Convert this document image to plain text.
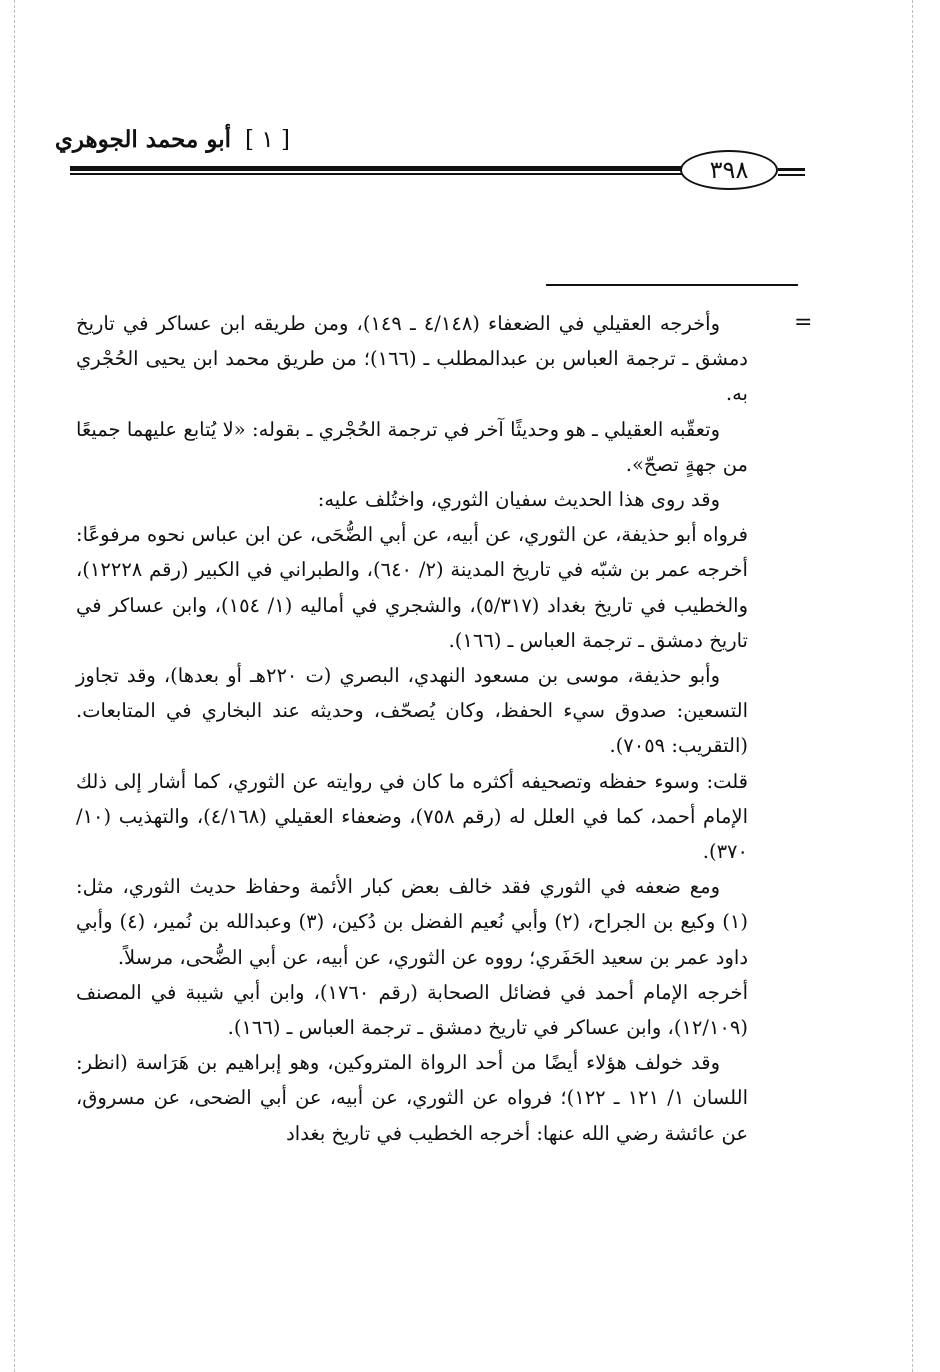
[ ١ ] أبو محمد الجوهري
٣٩٨
=

وأخرجه العقيلي في الضعفاء (٤/١٤٨ ـ ١٤٩)، ومن طريقه ابن عساكر في تاريخ دمشق ـ ترجمة العباس بن عبدالمطلب ـ (١٦٦)؛ من طريق محمد ابن يحيى الحُجْري به.

وتعقّبه العقيلي ـ هو وحديثًا آخر في ترجمة الحُجْري ـ بقوله: «لا يُتابع عليهما جميعًا من جهةٍ تصحّ».

وقد روى هذا الحديث سفيان الثوري، واختُلف عليه:

فرواه أبو حذيفة، عن الثوري، عن أبيه، عن أبي الضُّحَى، عن ابن عباس نحوه مرفوعًا: أخرجه عمر بن شبّه في تاريخ المدينة (٢/ ٦٤٠)، والطبراني في الكبير (رقم ١٢٢٢٨)، والخطيب في تاريخ بغداد (٥/٣١٧)، والشجري في أماليه (١/ ١٥٤)، وابن عساكر في تاريخ دمشق ـ ترجمة العباس ـ (١٦٦).

وأبو حذيفة، موسى بن مسعود النهدي، البصري (ت ٢٢٠هـ أو بعدها)، وقد تجاوز التسعين: صدوق سيء الحفظ، وكان يُصحّف، وحديثه عند البخاري في المتابعات. (التقريب: ٧٠٥٩).

قلت: وسوء حفظه وتصحيفه أكثره ما كان في روايته عن الثوري، كما أشار إلى ذلك الإمام أحمد، كما في العلل له (رقم ٧٥٨)، وضعفاء العقيلي (٤/١٦٨)، والتهذيب (١٠/ ٣٧٠).

ومع ضعفه في الثوري فقد خالف بعض كبار الأئمة وحفاظ حديث الثوري، مثل: (١) وكيع بن الجراح، (٢) وأبي نُعيم الفضل بن دُكين، (٣) وعبدالله بن نُمير، (٤) وأبي داود عمر بن سعيد الحَفَري؛ رووه عن الثوري، عن أبيه، عن أبي الضُّحى، مرسلاً.

أخرجه الإمام أحمد في فضائل الصحابة (رقم ١٧٦٠)، وابن أبي شيبة في المصنف (١٢/١٠٩)، وابن عساكر في تاريخ دمشق ـ ترجمة العباس ـ (١٦٦).

وقد خولف هؤلاء أيضًا من أحد الرواة المتروكين، وهو إبراهيم بن هَرَاسة (انظر: اللسان ١/ ١٢١ ـ ١٢٢)؛ فرواه عن الثوري، عن أبيه، عن أبي الضحى، عن مسروق، عن عائشة رضي الله عنها: أخرجه الخطيب في تاريخ بغداد
